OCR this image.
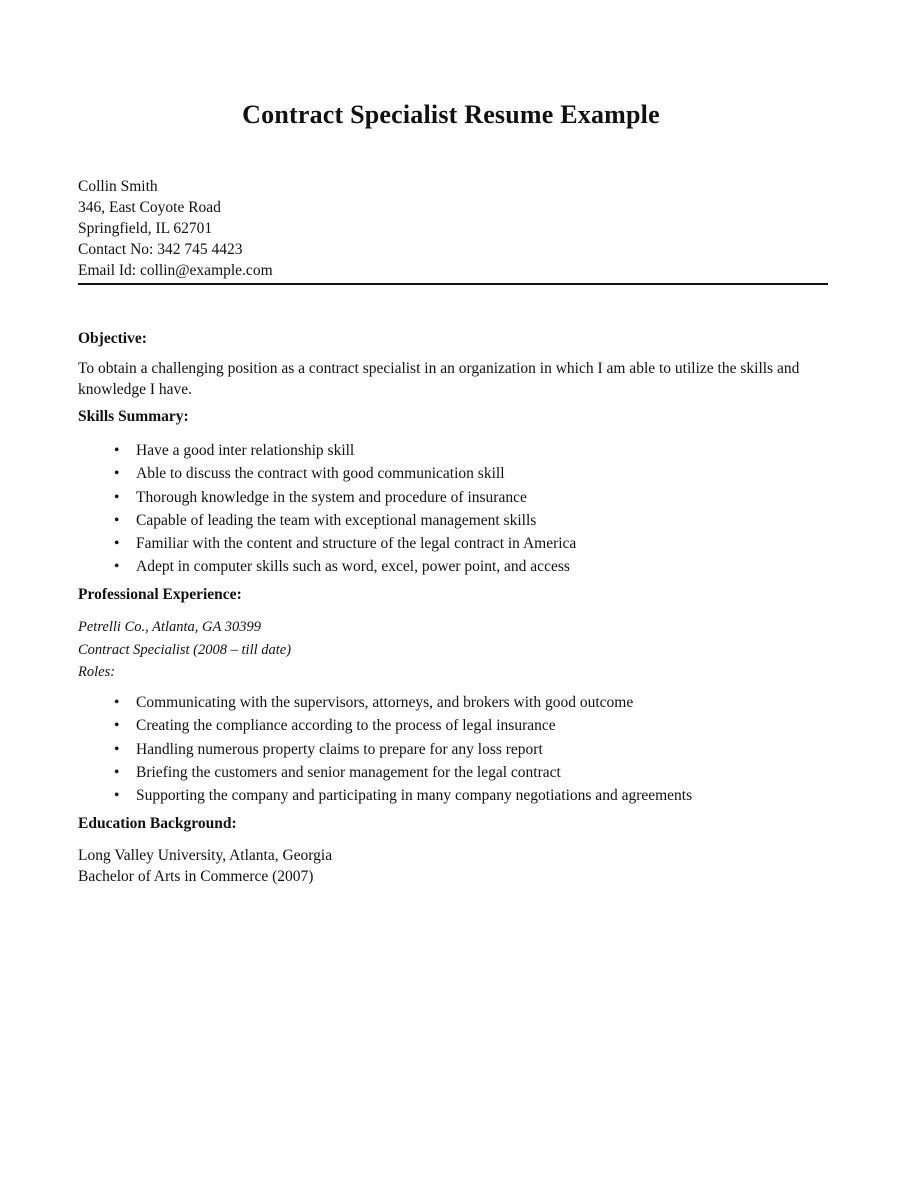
Contract Specialist Resume Example
Collin Smith
346, East Coyote Road
Springfield, IL 62701
Contact No: 342 745 4423
Email Id: collin@example.com
Objective:
To obtain a challenging position as a contract specialist in an organization in which I am able to utilize the skills and knowledge I have.
Skills Summary:
• Have a good inter relationship skill
• Able to discuss the contract with good communication skill
• Thorough knowledge in the system and procedure of insurance
• Capable of leading the team with exceptional management skills
• Familiar with the content and structure of the legal contract in America
• Adept in computer skills such as word, excel, power point, and access
Professional Experience:
Petrelli Co., Atlanta, GA 30399
Contract Specialist (2008 – till date)
Roles:
• Communicating with the supervisors, attorneys, and brokers with good outcome
• Creating the compliance according to the process of legal insurance
• Handling numerous property claims to prepare for any loss report
• Briefing the customers and senior management for the legal contract
• Supporting the company and participating in many company negotiations and agreements
Education Background:
Long Valley University, Atlanta, Georgia
Bachelor of Arts in Commerce (2007)
